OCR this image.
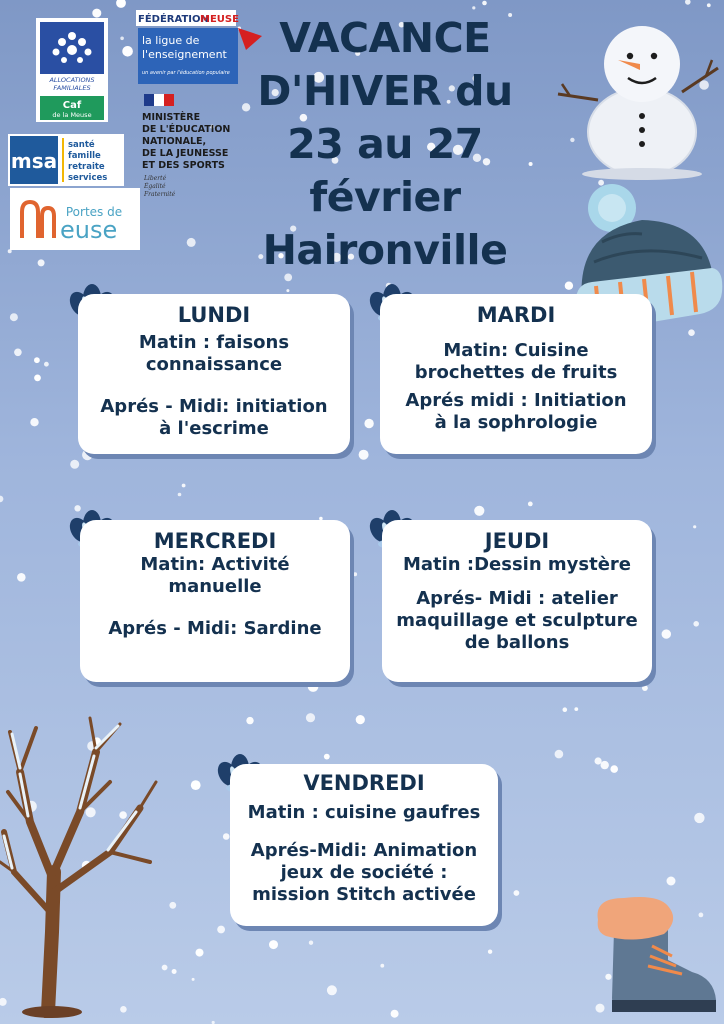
ALLOCATIONS
FAMILIALES
Caf
de la Meuse
FÉDÉRATION
MEUSE
la ligue de
l'enseignement
un avenir par l'éducation populaire
MINISTÈRE
DE L'ÉDUCATION
NATIONALE,
DE LA JEUNESSE
ET DES SPORTS
Liberté
Égalité
Fraternité
msa
santé
famille
retraite
services
Portes de
euse
VACANCE
D'HIVER du
23 au 27
février
Haironville
LUNDI
Matin : faisons
connaissance
Aprés - Midi: initiation
à l'escrime
MARDI
Matin: Cuisine
brochettes de fruits
Aprés midi : Initiation
à la sophrologie
MERCREDI
Matin: Activité
manuelle
Aprés - Midi: Sardine
JEUDI
Matin :Dessin mystère
Aprés- Midi : atelier
maquillage et sculpture
de ballons
VENDREDI
Matin : cuisine gaufres
Aprés-Midi: Animation
jeux de société :
mission Stitch activée
